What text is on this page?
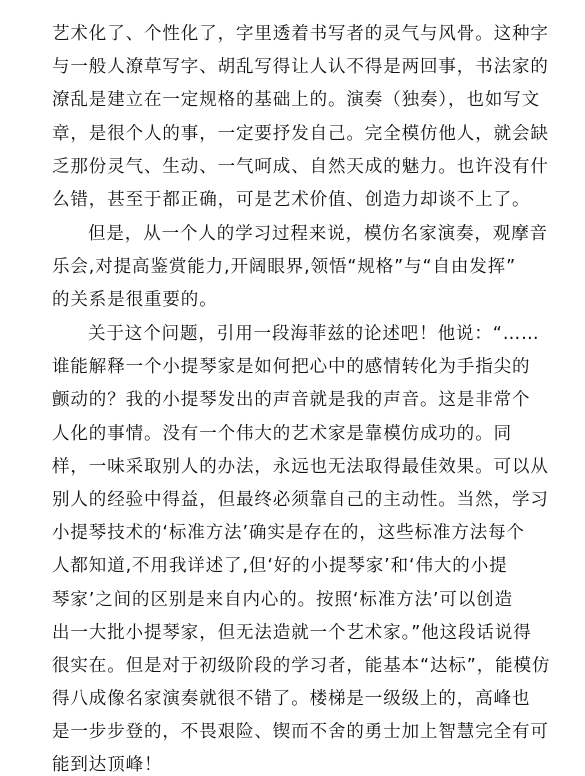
艺术化了、个性化了，字里透着书写者的灵气与风骨。这种字
与一般人潦草写字、胡乱写得让人认不得是两回事，书法家的
潦乱是建立在一定规格的基础上的。演奏（独奏），也如写文
章，是很个人的事，一定要抒发自己。完全模仿他人，就会缺
乏那份灵气、生动、一气呵成、自然天成的魅力。也许没有什
么错，甚至于都正确，可是艺术价值、创造力却谈不上了。
但是，从一个人的学习过程来说，模仿名家演奏，观摩音
乐会,对提高鉴赏能力,开阔眼界,领悟“规格”与“自由发挥”
的关系是很重要的。
关于这个问题，引用一段海菲兹的论述吧！他说：“……
谁能解释一个小提琴家是如何把心中的感情转化为手指尖的
颤动的？我的小提琴发出的声音就是我的声音。这是非常个
人化的事情。没有一个伟大的艺术家是靠模仿成功的。同
样，一味采取别人的办法，永远也无法取得最佳效果。可以从
别人的经验中得益，但最终必须靠自己的主动性。当然，学习
小提琴技术的‘标准方法’确实是存在的，这些标准方法每个
人都知道,不用我详述了,但‘好的小提琴家’和‘伟大的小提
琴家’之间的区别是来自内心的。按照‘标准方法’可以创造
出一大批小提琴家，但无法造就一个艺术家。”他这段话说得
很实在。但是对于初级阶段的学习者，能基本“达标”，能模仿
得八成像名家演奏就很不错了。楼梯是一级级上的，高峰也
是一步步登的，不畏艰险、锲而不舍的勇士加上智慧完全有可
能到达顶峰！
